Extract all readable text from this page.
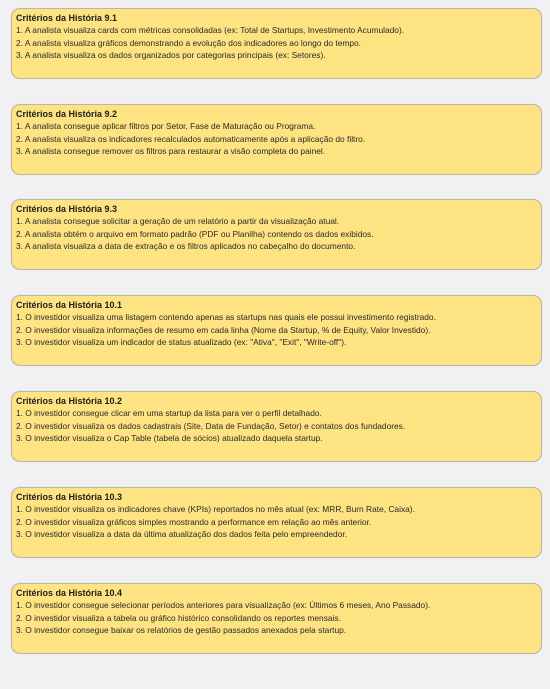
Critérios da História 9.1
1. A analista visualiza cards com métricas consolidadas (ex: Total de Startups, Investimento Acumulado).
2. A analista visualiza gráficos demonstrando a evolução dos indicadores ao longo do tempo.
3. A analista visualiza os dados organizados por categorias principais (ex: Setores).
Critérios da História 9.2
1. A analista consegue aplicar filtros por Setor, Fase de Maturação ou Programa.
2. A analista visualiza os indicadores recalculados automaticamente após a aplicação do filtro.
3. A analista consegue remover os filtros para restaurar a visão completa do painel.
Critérios da História 9.3
1. A analista consegue solicitar a geração de um relatório a partir da visualização atual.
2. A analista obtém o arquivo em formato padrão (PDF ou Planilha) contendo os dados exibidos.
3. A analista visualiza a data de extração e os filtros aplicados no cabeçalho do documento.
Critérios da História 10.1
1. O investidor visualiza uma listagem contendo apenas as startups nas quais ele possui investimento registrado.
2. O investidor visualiza informações de resumo em cada linha (Nome da Startup, % de Equity, Valor Investido).
3. O investidor visualiza um indicador de status atualizado (ex: "Ativa", "Exit", "Write-off").
Critérios da História 10.2
1. O investidor consegue clicar em uma startup da lista para ver o perfil detalhado.
2. O investidor visualiza os dados cadastrais (Site, Data de Fundação, Setor) e contatos dos fundadores.
3. O investidor visualiza o Cap Table (tabela de sócios) atualizado daquela startup.
Critérios da História 10.3
1. O investidor visualiza os indicadores chave (KPIs) reportados no mês atual (ex: MRR, Burn Rate, Caixa).
2. O investidor visualiza gráficos simples mostrando a performance em relação ao mês anterior.
3. O investidor visualiza a data da última atualização dos dados feita pelo empreendedor.
Critérios da História 10.4
1. O investidor consegue selecionar períodos anteriores para visualização (ex: Últimos 6 meses, Ano Passado).
2. O investidor visualiza a tabela ou gráfico histórico consolidando os reportes mensais.
3. O investidor consegue baixar os relatórios de gestão passados anexados pela startup.
